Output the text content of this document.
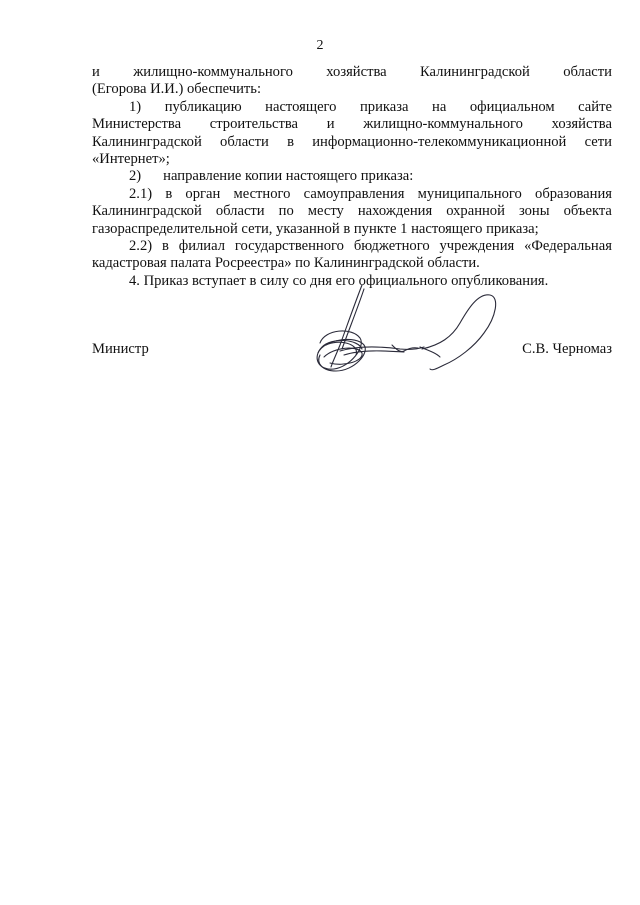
2
и жилищно-коммунального хозяйства Калининградской области
(Егорова И.И.) обеспечить:
1) публикацию настоящего приказа на официальном сайте
Министерства строительства и жилищно-коммунального хозяйства
Калининградской области в информационно-телекоммуникационной сети
«Интернет»;
2) направление копии настоящего приказа:
2.1) в орган местного самоуправления муниципального образования
Калининградской области по месту нахождения охранной зоны объекта
газораспределительной сети, указанной в пункте 1 настоящего приказа;
2.2) в филиал государственного бюджетного учреждения «Федеральная
кадастровая палата Росреестра» по Калининградской области.
4. Приказ вступает в силу со дня его официального опубликования.
Министр	С.В. Черномаз
